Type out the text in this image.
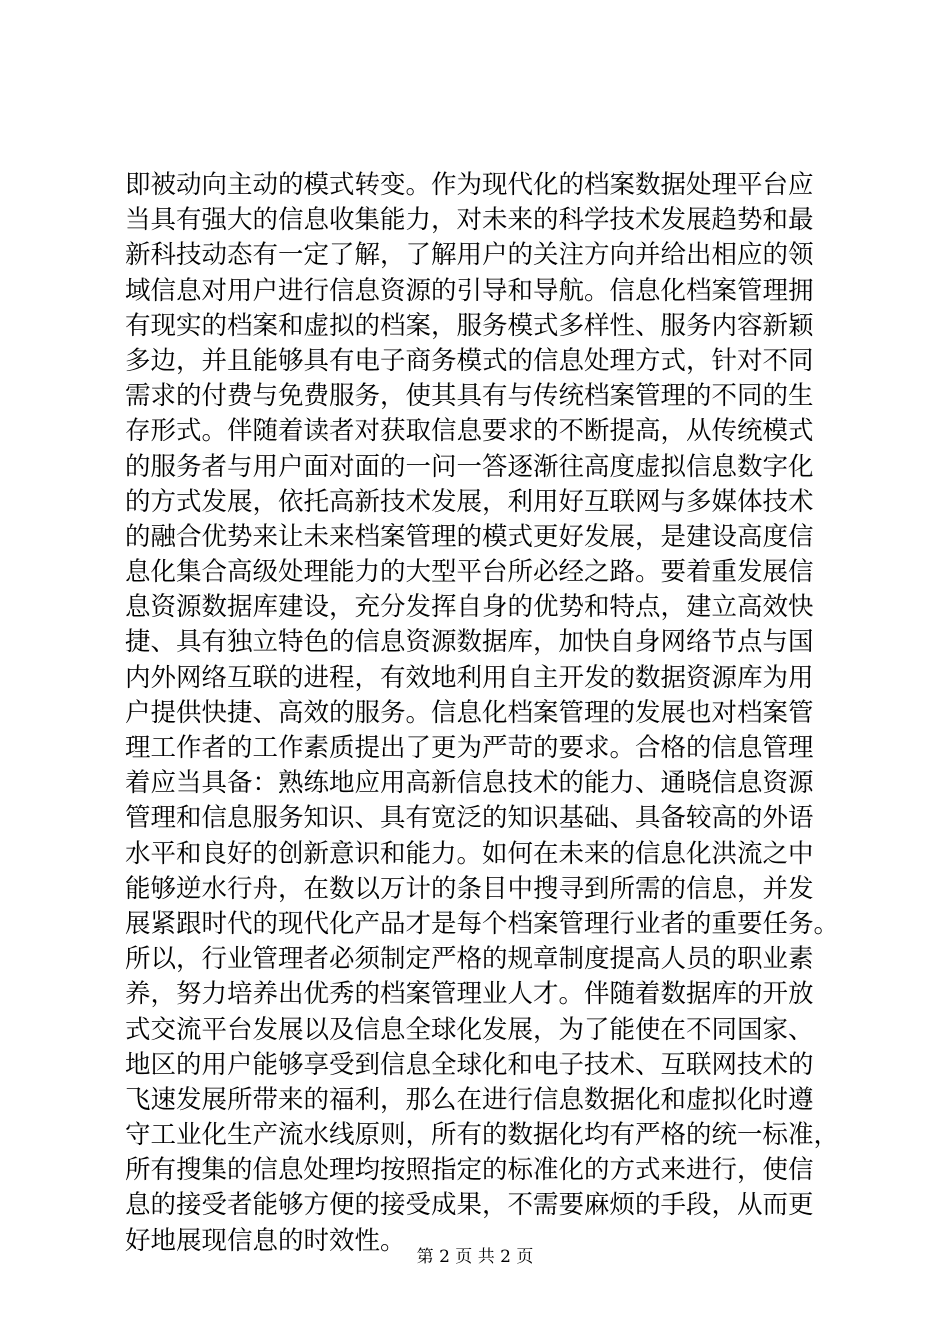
即被动向主动的模式转变。作为现代化的档案数据处理平台应
当具有强大的信息收集能力，对未来的科学技术发展趋势和最
新科技动态有一定了解，了解用户的关注方向并给出相应的领
域信息对用户进行信息资源的引导和导航。信息化档案管理拥
有现实的档案和虚拟的档案，服务模式多样性、服务内容新颖
多边，并且能够具有电子商务模式的信息处理方式，针对不同
需求的付费与免费服务，使其具有与传统档案管理的不同的生
存形式。伴随着读者对获取信息要求的不断提高，从传统模式
的服务者与用户面对面的一问一答逐渐往高度虚拟信息数字化
的方式发展，依托高新技术发展，利用好互联网与多媒体技术
的融合优势来让未来档案管理的模式更好发展，是建设高度信
息化集合高级处理能力的大型平台所必经之路。要着重发展信
息资源数据库建设，充分发挥自身的优势和特点，建立高效快
捷、具有独立特色的信息资源数据库，加快自身网络节点与国
内外网络互联的进程，有效地利用自主开发的数据资源库为用
户提供快捷、高效的服务。信息化档案管理的发展也对档案管
理工作者的工作素质提出了更为严苛的要求。合格的信息管理
着应当具备：熟练地应用高新信息技术的能力、通晓信息资源
管理和信息服务知识、具有宽泛的知识基础、具备较高的外语
水平和良好的创新意识和能力。如何在未来的信息化洪流之中
能够逆水行舟，在数以万计的条目中搜寻到所需的信息，并发
展紧跟时代的现代化产品才是每个档案管理行业者的重要任务。
所以，行业管理者必须制定严格的规章制度提高人员的职业素
养，努力培养出优秀的档案管理业人才。伴随着数据库的开放
式交流平台发展以及信息全球化发展，为了能使在不同国家、
地区的用户能够享受到信息全球化和电子技术、互联网技术的
飞速发展所带来的福利，那么在进行信息数据化和虚拟化时遵
守工业化生产流水线原则，所有的数据化均有严格的统一标准，
所有搜集的信息处理均按照指定的标准化的方式来进行，使信
息的接受者能够方便的接受成果，不需要麻烦的手段，从而更
好地展现信息的时效性。

第 2 页 共 2 页
